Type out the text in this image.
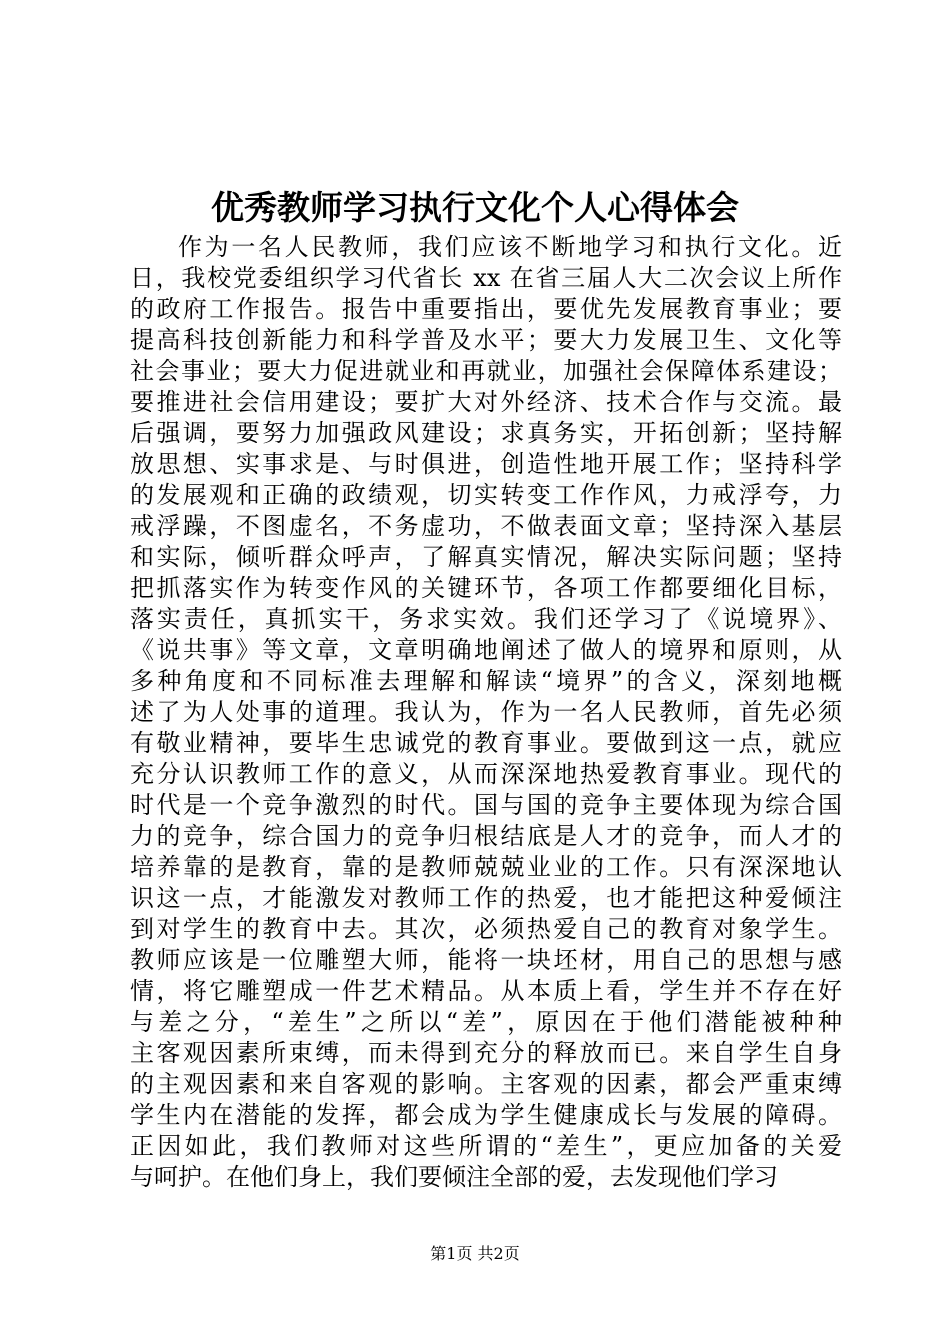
优秀教师学习执行文化个人心得体会
作为一名人民教师，我们应该不断地学习和执行文化。近
日，我校党委组织学习代省长 xx 在省三届人大二次会议上所作
的政府工作报告。报告中重要指出，要优先发展教育事业；要
提高科技创新能力和科学普及水平；要大力发展卫生、文化等
社会事业；要大力促进就业和再就业，加强社会保障体系建设；
要推进社会信用建设；要扩大对外经济、技术合作与交流。最
后强调，要努力加强政风建设；求真务实，开拓创新；坚持解
放思想、实事求是、与时俱进，创造性地开展工作；坚持科学
的发展观和正确的政绩观，切实转变工作作风，力戒浮夸，力
戒浮躁，不图虚名，不务虚功，不做表面文章；坚持深入基层
和实际，倾听群众呼声，了解真实情况，解决实际问题；坚持
把抓落实作为转变作风的关键环节，各项工作都要细化目标，
落实责任，真抓实干，务求实效。我们还学习了《说境界》、
《说共事》等文章，文章明确地阐述了做人的境界和原则，从
多种角度和不同标准去理解和解读“境界”的含义，深刻地概
述了为人处事的道理。我认为，作为一名人民教师，首先必须
有敬业精神，要毕生忠诚党的教育事业。要做到这一点，就应
充分认识教师工作的意义，从而深深地热爱教育事业。现代的
时代是一个竞争激烈的时代。国与国的竞争主要体现为综合国
力的竞争，综合国力的竞争归根结底是人才的竞争，而人才的
培养靠的是教育，靠的是教师兢兢业业的工作。只有深深地认
识这一点，才能激发对教师工作的热爱，也才能把这种爱倾注
到对学生的教育中去。其次，必须热爱自己的教育对象学生。
教师应该是一位雕塑大师，能将一块坯材，用自己的思想与感
情，将它雕塑成一件艺术精品。从本质上看，学生并不存在好
与差之分，“差生”之所以“差”，原因在于他们潜能被种种
主客观因素所束缚，而未得到充分的释放而已。来自学生自身
的主观因素和来自客观的影响。主客观的因素，都会严重束缚
学生内在潜能的发挥，都会成为学生健康成长与发展的障碍。
正因如此，我们教师对这些所谓的“差生”，更应加备的关爱
与呵护。在他们身上，我们要倾注全部的爱，去发现他们学习

第1页 共2页
